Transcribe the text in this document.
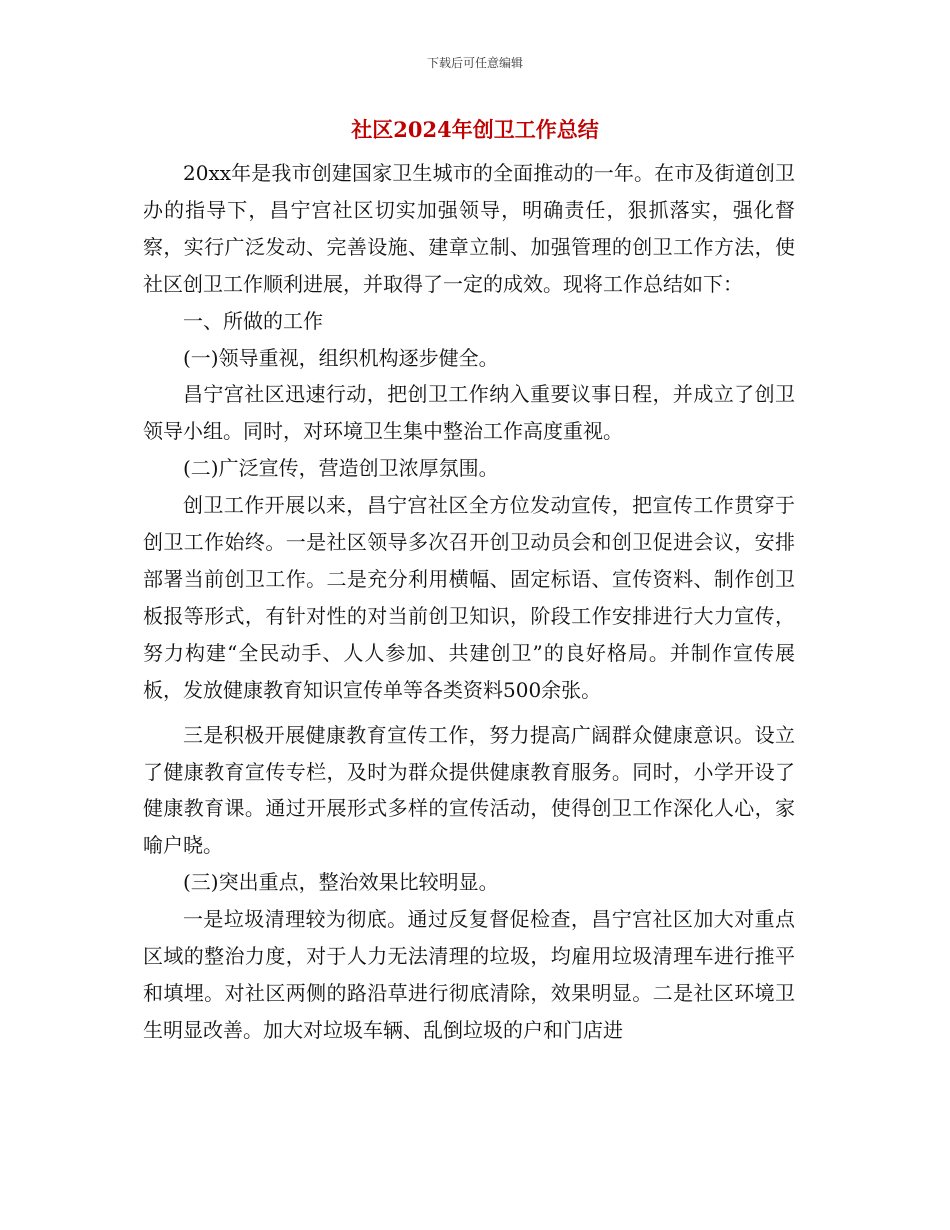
下载后可任意编辑
社区2024年创卫工作总结

20xx年是我市创建国家卫生城市的全面推动的一年。在市及街道创卫办的指导下，昌宁宫社区切实加强领导，明确责任，狠抓落实，强化督察，实行广泛发动、完善设施、建章立制、加强管理的创卫工作方法，使社区创卫工作顺利进展，并取得了一定的成效。现将工作总结如下：

一、所做的工作

(一)领导重视，组织机构逐步健全。

昌宁宫社区迅速行动，把创卫工作纳入重要议事日程，并成立了创卫领导小组。同时，对环境卫生集中整治工作高度重视。

(二)广泛宣传，营造创卫浓厚氛围。

创卫工作开展以来，昌宁宫社区全方位发动宣传，把宣传工作贯穿于创卫工作始终。一是社区领导多次召开创卫动员会和创卫促进会议，安排部署当前创卫工作。二是充分利用横幅、固定标语、宣传资料、制作创卫板报等形式，有针对性的对当前创卫知识，阶段工作安排进行大力宣传，努力构建“全民动手、人人参加、共建创卫”的良好格局。并制作宣传展板，发放健康教育知识宣传单等各类资料500余张。

三是积极开展健康教育宣传工作，努力提高广阔群众健康意识。设立了健康教育宣传专栏，及时为群众提供健康教育服务。同时，小学开设了健康教育课。通过开展形式多样的宣传活动，使得创卫工作深化人心，家喻户晓。

(三)突出重点，整治效果比较明显。

一是垃圾清理较为彻底。通过反复督促检查，昌宁宫社区加大对重点区域的整治力度，对于人力无法清理的垃圾，均雇用垃圾清理车进行推平和填埋。对社区两侧的路沿草进行彻底清除，效果明显。二是社区环境卫生明显改善。加大对垃圾车辆、乱倒垃圾的户和门店进
